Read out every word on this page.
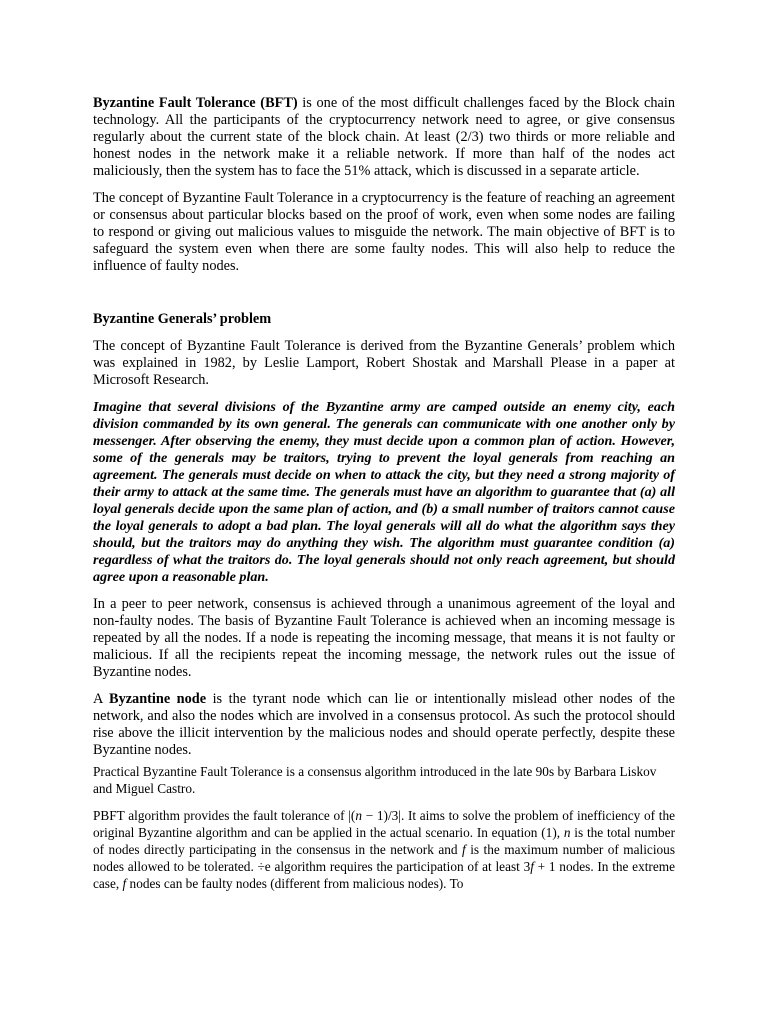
Byzantine Fault Tolerance (BFT) is one of the most difficult challenges faced by the Block chain technology. All the participants of the cryptocurrency network need to agree, or give consensus regularly about the current state of the block chain. At least (2/3) two thirds or more reliable and honest nodes in the network make it a reliable network. If more than half of the nodes act maliciously, then the system has to face the 51% attack, which is discussed in a separate article.

The concept of Byzantine Fault Tolerance in a cryptocurrency is the feature of reaching an agreement or consensus about particular blocks based on the proof of work, even when some nodes are failing to respond or giving out malicious values to misguide the network. The main objective of BFT is to safeguard the system even when there are some faulty nodes. This will also help to reduce the influence of faulty nodes.

Byzantine Generals’ problem

The concept of Byzantine Fault Tolerance is derived from the Byzantine Generals’ problem which was explained in 1982, by Leslie Lamport, Robert Shostak and Marshall Please in a paper at Microsoft Research.

Imagine that several divisions of the Byzantine army are camped outside an enemy city, each division commanded by its own general. The generals can communicate with one another only by messenger. After observing the enemy, they must decide upon a common plan of action. However, some of the generals may be traitors, trying to prevent the loyal generals from reaching an agreement. The generals must decide on when to attack the city, but they need a strong majority of their army to attack at the same time. The generals must have an algorithm to guarantee that (a) all loyal generals decide upon the same plan of action, and (b) a small number of traitors cannot cause the loyal generals to adopt a bad plan. The loyal generals will all do what the algorithm says they should, but the traitors may do anything they wish. The algorithm must guarantee condition (a) regardless of what the traitors do. The loyal generals should not only reach agreement, but should agree upon a reasonable plan.

In a peer to peer network, consensus is achieved through a unanimous agreement of the loyal and non-faulty nodes. The basis of Byzantine Fault Tolerance is achieved when an incoming message is repeated by all the nodes. If a node is repeating the incoming message, that means it is not faulty or malicious. If all the recipients repeat the incoming message, the network rules out the issue of Byzantine nodes.

A Byzantine node is the tyrant node which can lie or intentionally mislead other nodes of the network, and also the nodes which are involved in a consensus protocol. As such the protocol should rise above the illicit intervention by the malicious nodes and should operate perfectly, despite these Byzantine nodes.

Practical Byzantine Fault Tolerance is a consensus algorithm introduced in the late 90s by Barbara Liskov and Miguel Castro.

PBFT algorithm provides the fault tolerance of |(n − 1)/3|. It aims to solve the problem of inefficiency of the original Byzantine algorithm and can be applied in the actual scenario. In equation (1), n is the total number of nodes directly participating in the consensus in the network and f is the maximum number of malicious nodes allowed to be tolerated. ÷e algorithm requires the participation of at least 3f + 1 nodes. In the extreme case, f nodes can be faulty nodes (different from malicious nodes). To
